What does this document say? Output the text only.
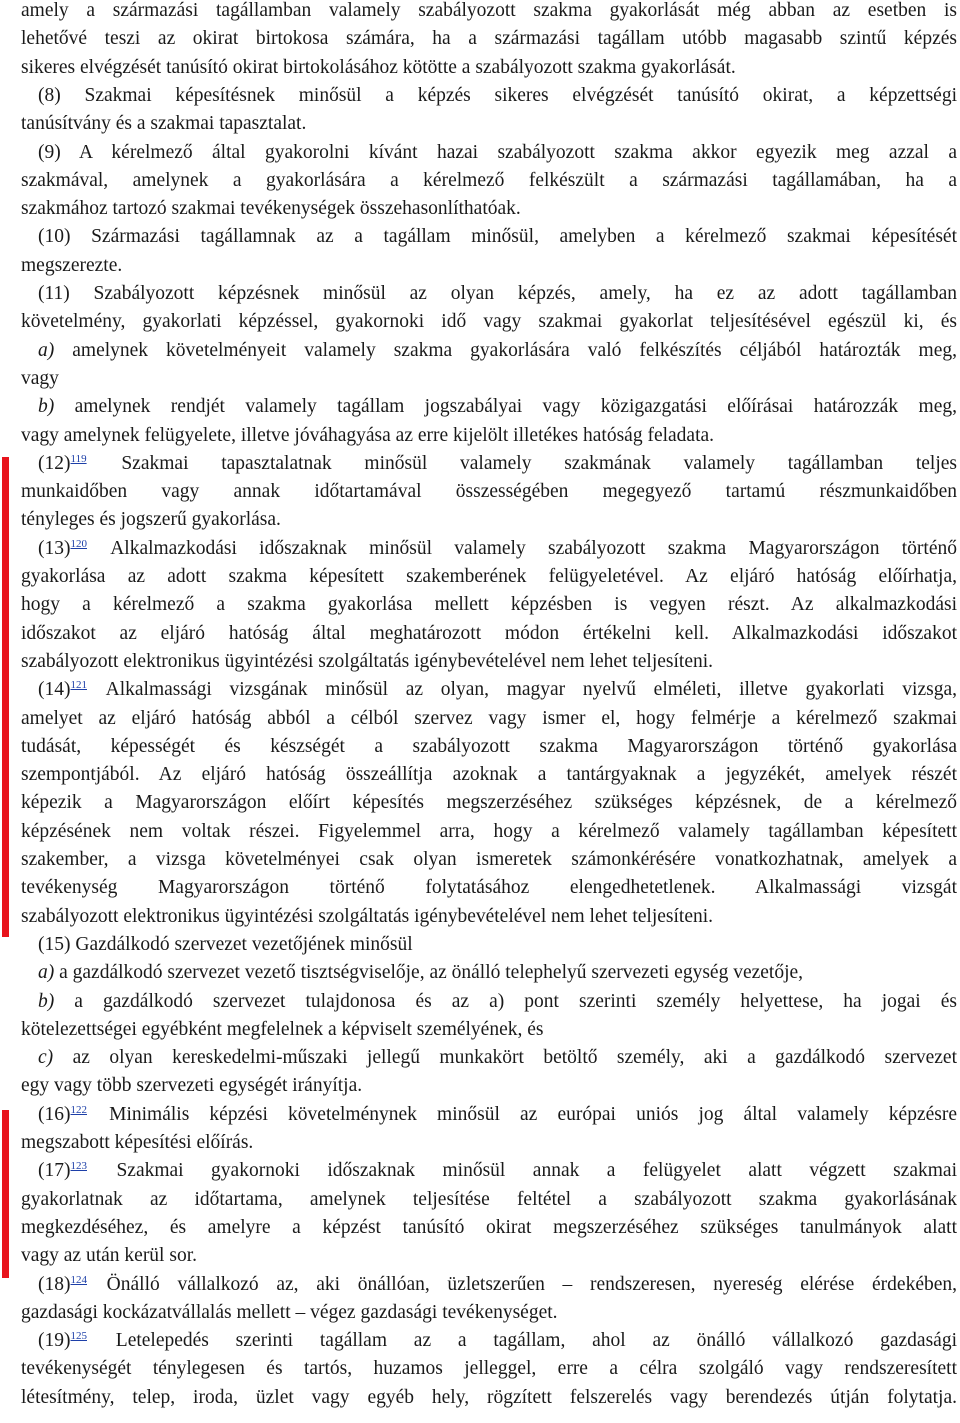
amely a származási tagállamban valamely szabályozott szakma gyakorlását még abban az esetben is
lehetővé teszi az okirat birtokosa számára, ha a származási tagállam utóbb magasabb szintű képzés
sikeres elvégzését tanúsító okirat birtokolásához kötötte a szabályozott szakma gyakorlását.
(8) Szakmai képesítésnek minősül a képzés sikeres elvégzését tanúsító okirat, a képzettségi
tanúsítvány és a szakmai tapasztalat.
(9) A kérelmező által gyakorolni kívánt hazai szabályozott szakma akkor egyezik meg azzal a
szakmával, amelynek a gyakorlására a kérelmező felkészült a származási tagállamában, ha a
szakmához tartozó szakmai tevékenységek összehasonlíthatóak.
(10) Származási tagállamnak az a tagállam minősül, amelyben a kérelmező szakmai képesítését
megszerezte.
(11) Szabályozott képzésnek minősül az olyan képzés, amely, ha ez az adott tagállamban
követelmény, gyakorlati képzéssel, gyakornoki idő vagy szakmai gyakorlat teljesítésével egészül ki, és
a) amelynek követelményeit valamely szakma gyakorlására való felkészítés céljából határozták meg,
vagy
b) amelynek rendjét valamely tagállam jogszabályai vagy közigazgatási előírásai határozzák meg,
vagy amelynek felügyelete, illetve jóváhagyása az erre kijelölt illetékes hatóság feladata.
(12)$^{119}$ Szakmai tapasztalatnak minősül valamely szakmának valamely tagállamban teljes
munkaidőben vagy annak időtartamával összességében megegyező tartamú részmunkaidőben
tényleges és jogszerű gyakorlása.
(13)$^{120}$ Alkalmazkodási időszaknak minősül valamely szabályozott szakma Magyarországon történő
gyakorlása az adott szakma képesített szakemberének felügyeletével. Az eljáró hatóság előírhatja,
hogy a kérelmező a szakma gyakorlása mellett képzésben is vegyen részt. Az alkalmazkodási
időszakot az eljáró hatóság által meghatározott módon értékelni kell. Alkalmazkodási időszakot
szabályozott elektronikus ügyintézési szolgáltatás igénybevételével nem lehet teljesíteni.
(14)$^{121}$ Alkalmassági vizsgának minősül az olyan, magyar nyelvű elméleti, illetve gyakorlati vizsga,
amelyet az eljáró hatóság abból a célból szervez vagy ismer el, hogy felmérje a kérelmező szakmai
tudását, képességét és készségét a szabályozott szakma Magyarországon történő gyakorlása
szempontjából. Az eljáró hatóság összeállítja azoknak a tantárgyaknak a jegyzékét, amelyek részét
képezik a Magyarországon előírt képesítés megszerzéséhez szükséges képzésnek, de a kérelmező
képzésének nem voltak részei. Figyelemmel arra, hogy a kérelmező valamely tagállamban képesített
szakember, a vizsga követelményei csak olyan ismeretek számonkérésére vonatkozhatnak, amelyek a
tevékenység Magyarországon történő folytatásához elengedhetetlenek. Alkalmassági vizsgát
szabályozott elektronikus ügyintézési szolgáltatás igénybevételével nem lehet teljesíteni.
(15) Gazdálkodó szervezet vezetőjének minősül
a) a gazdálkodó szervezet vezető tisztségviselője, az önálló telephelyű szervezeti egység vezetője,
b) a gazdálkodó szervezet tulajdonosa és az a) pont szerinti személy helyettese, ha jogai és
kötelezettségei egyébként megfelelnek a képviselt személyének, és
c) az olyan kereskedelmi-műszaki jellegű munkakört betöltő személy, aki a gazdálkodó szervezet
egy vagy több szervezeti egységét irányítja.
(16)$^{122}$ Minimális képzési követelménynek minősül az európai uniós jog által valamely képzésre
megszabott képesítési előírás.
(17)$^{123}$ Szakmai gyakornoki időszaknak minősül annak a felügyelet alatt végzett szakmai
gyakorlatnak az időtartama, amelynek teljesítése feltétel a szabályozott szakma gyakorlásának
megkezdéséhez, és amelyre a képzést tanúsító okirat megszerzéséhez szükséges tanulmányok alatt
vagy az után kerül sor.
(18)$^{124}$ Önálló vállalkozó az, aki önállóan, üzletszerűen – rendszeresen, nyereség elérése érdekében,
gazdasági kockázatvállalás mellett – végez gazdasági tevékenységet.
(19)$^{125}$ Letelepedés szerinti tagállam az a tagállam, ahol az önálló vállalkozó gazdasági
tevékenységét ténylegesen és tartós, huzamos jelleggel, erre a célra szolgáló vagy rendszeresített
létesítmény, telep, iroda, üzlet vagy egyéb hely, rögzített felszerelés vagy berendezés útján folytatja.
